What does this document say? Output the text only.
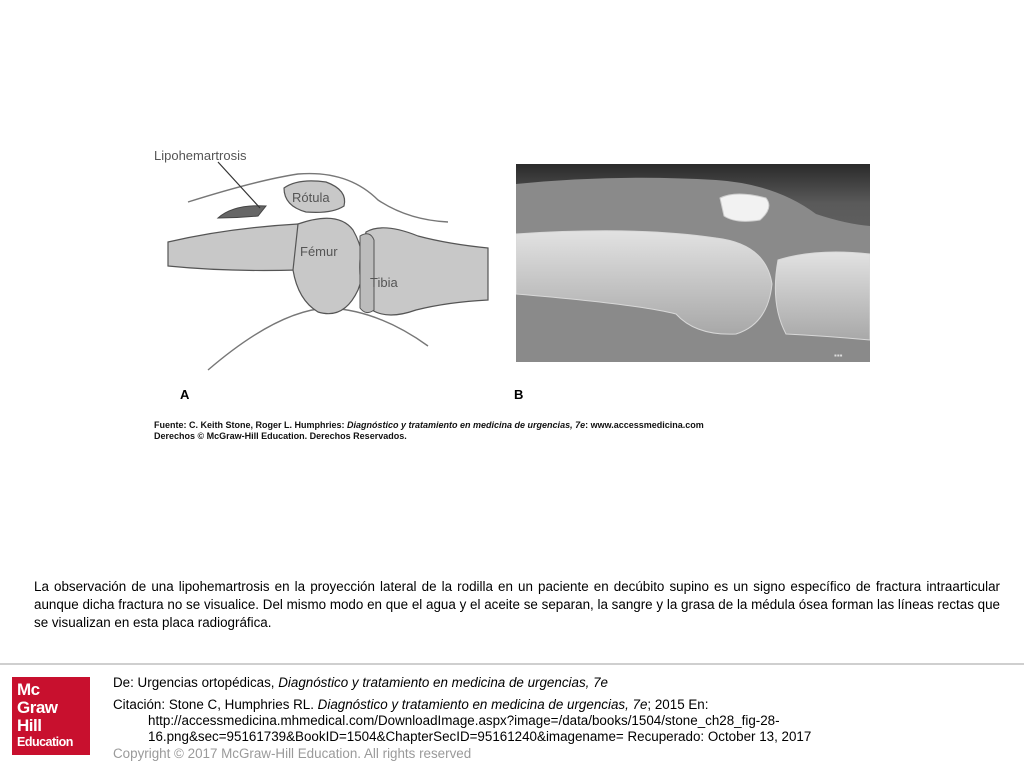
Lipohemartrosis
Rótula
Fémur
Tibia
A
▪▪▪
B
Fuente: C. Keith Stone, Roger L. Humphries: Diagnóstico y tratamiento en medicina de urgencias, 7e: www.accessmedicina.com
Derechos © McGraw-Hill Education. Derechos Reservados.
La observación de una lipohemartrosis en la proyección lateral de la rodilla en un paciente en decúbito supino es un signo específico de fractura intraarticular aunque dicha fractura no se visualice. Del mismo modo en que el agua y el aceite se separan, la sangre y la grasa de la médula ósea forman las líneas rectas que se visualizan en esta placa radiográfica.
Mc
Graw
Hill
Education
De: Urgencias ortopédicas, Diagnóstico y tratamiento en medicina de urgencias, 7e
Citación: Stone C, Humphries RL. Diagnóstico y tratamiento en medicina de urgencias, 7e; 2015 En:
http://accessmedicina.mhmedical.com/DownloadImage.aspx?image=/data/books/1504/stone_ch28_fig-28-
16.png&sec=95161739&BookID=1504&ChapterSecID=95161240&imagename= Recuperado: October 13, 2017
Copyright © 2017 McGraw-Hill Education. All rights reserved
